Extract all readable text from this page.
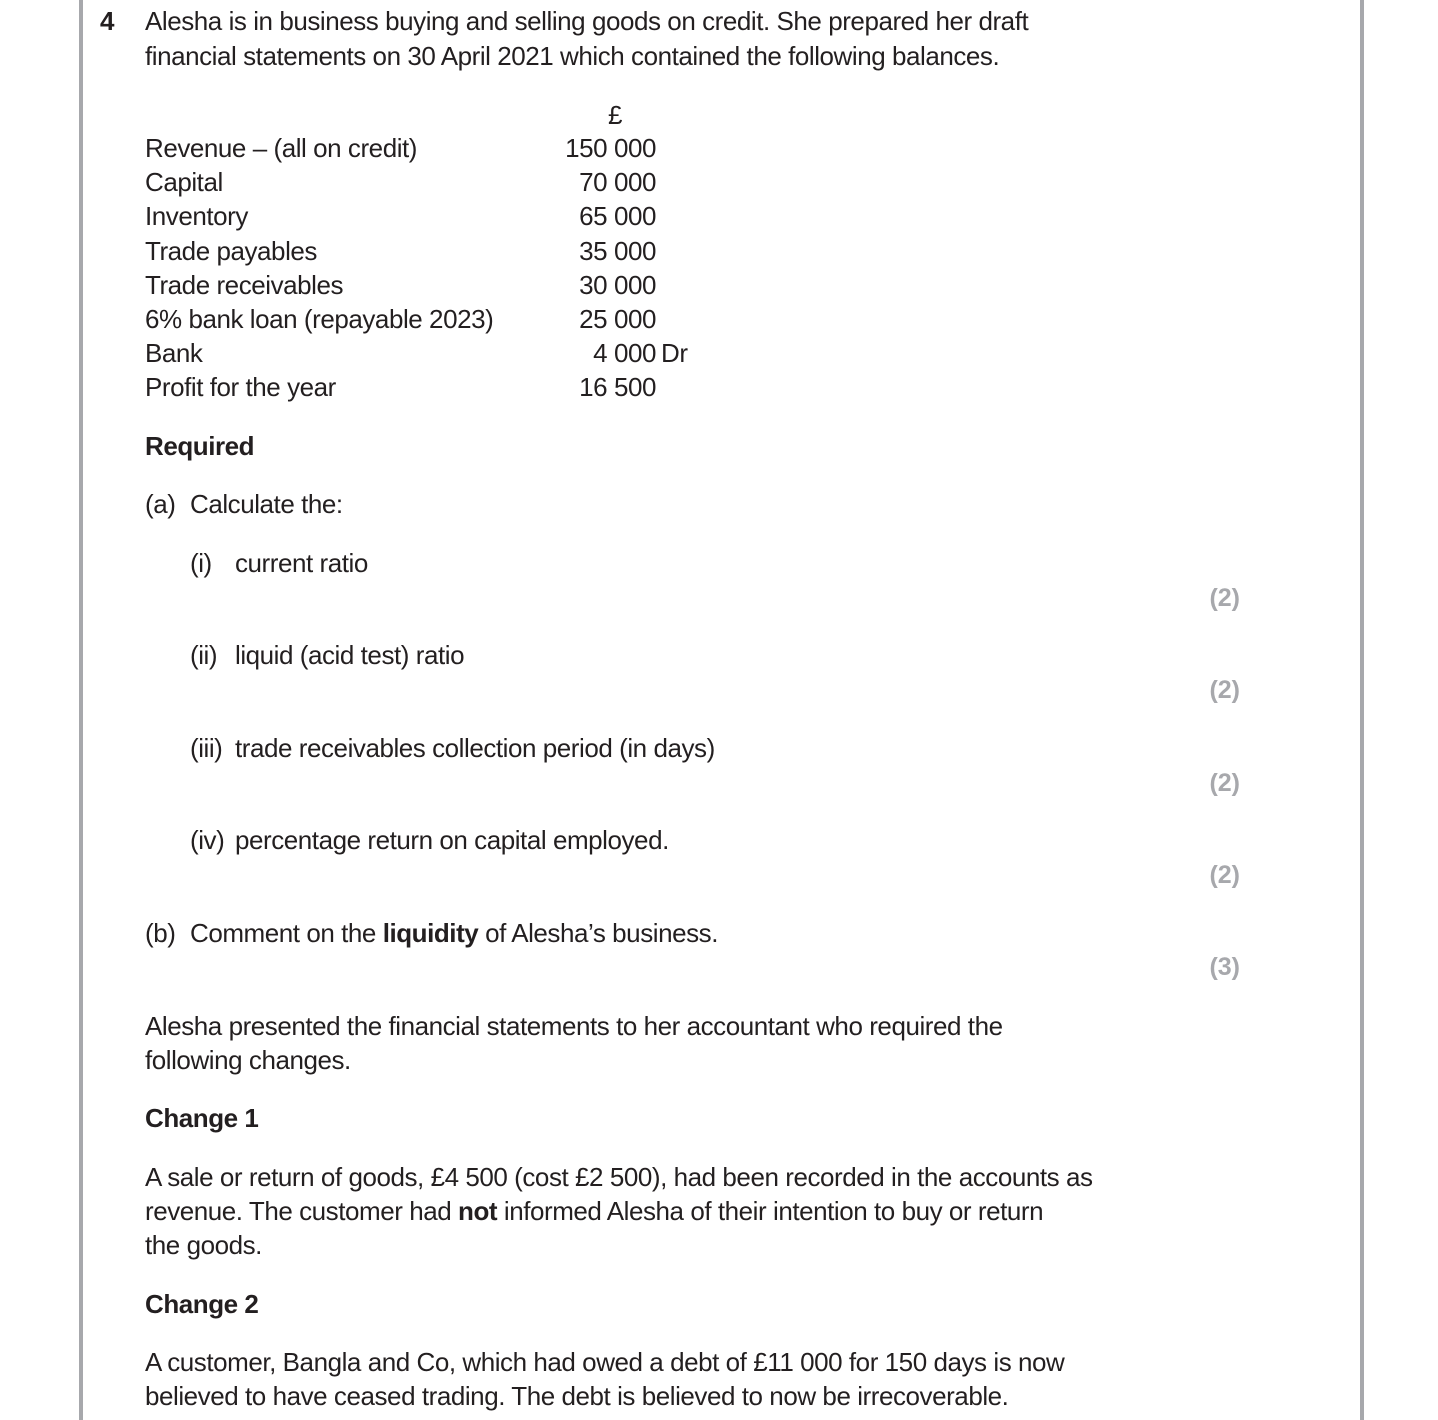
4 Alesha is in business buying and selling goods on credit. She prepared her draft
financial statements on 30 April 2021 which contained the following balances.
£
Revenue – (all on credit)	150 000
Capital	70 000
Inventory	65 000
Trade payables	35 000
Trade receivables	30 000
6% bank loan (repayable 2023)	25 000
Bank	4 000 Dr
Profit for the year	16 500
Required
(a) Calculate the:
(i) current ratio
(2)
(ii) liquid (acid test) ratio
(2)
(iii) trade receivables collection period (in days)
(2)
(iv) percentage return on capital employed.
(2)
(b) Comment on the liquidity of Alesha’s business.
(3)
Alesha presented the financial statements to her accountant who required the
following changes.
Change 1
A sale or return of goods, £4 500 (cost £2 500), had been recorded in the accounts as
revenue. The customer had not informed Alesha of their intention to buy or return
the goods.
Change 2
A customer, Bangla and Co, which had owed a debt of £11 000 for 150 days is now
believed to have ceased trading. The debt is believed to now be irrecoverable.
